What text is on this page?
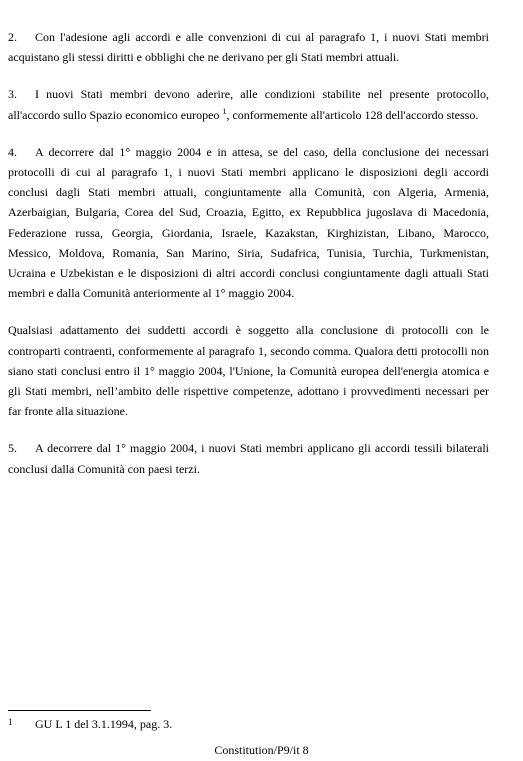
2. Con l'adesione agli accordi e alle convenzioni di cui al paragrafo 1, i nuovi Stati membri acquistano gli stessi diritti e obblighi che ne derivano per gli Stati membri attuali.

3. I nuovi Stati membri devono aderire, alle condizioni stabilite nel presente protocollo, all'accordo sullo Spazio economico europeo $^1$, conformemente all'articolo 128 dell'accordo stesso.

4. A decorrere dal 1° maggio 2004 e in attesa, se del caso, della conclusione dei necessari protocolli di cui al paragrafo 1, i nuovi Stati membri applicano le disposizioni degli accordi conclusi dagli Stati membri attuali, congiuntamente alla Comunità, con Algeria, Armenia, Azerbaigian, Bulgaria, Corea del Sud, Croazia, Egitto, ex Repubblica jugoslava di Macedonia, Federazione russa, Georgia, Giordania, Israele, Kazakstan, Kirghizistan, Libano, Marocco, Messico, Moldova, Romania, San Marino, Siria, Sudafrica, Tunisia, Turchia, Turkmenistan, Ucraina e Uzbekistan e le disposizioni di altri accordi conclusi congiuntamente dagli attuali Stati membri e dalla Comunità anteriormente al 1° maggio 2004.

Qualsiasi adattamento dei suddetti accordi è soggetto alla conclusione di protocolli con le controparti contraenti, conformemente al paragrafo 1, secondo comma. Qualora detti protocolli non siano stati conclusi entro il 1° maggio 2004, l'Unione, la Comunità europea dell'energia atomica e gli Stati membri, nell’ambito delle rispettive competenze, adottano i provvedimenti necessari per far fronte alla situazione.

5. A decorrere dal 1° maggio 2004, i nuovi Stati membri applicano gli accordi tessili bilaterali conclusi dalla Comunità con paesi terzi.

1 GU L 1 del 3.1.1994, pag. 3.
Constitution/P9/it 8
